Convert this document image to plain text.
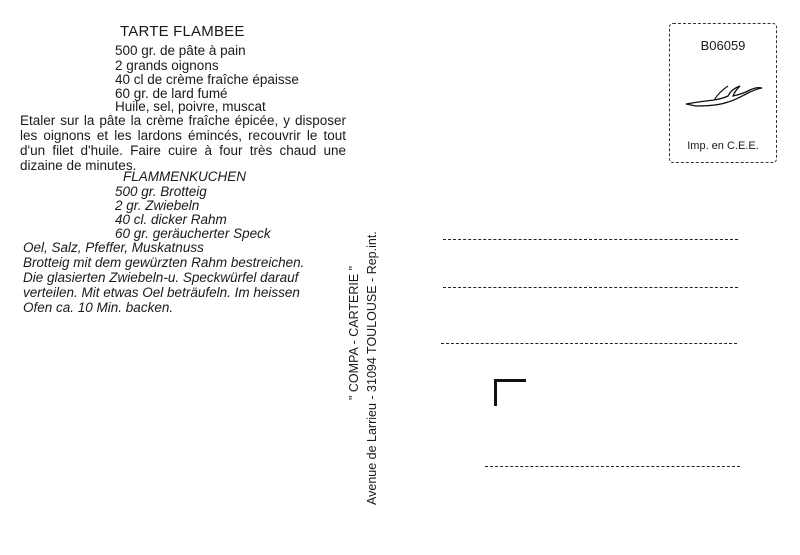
TARTE FLAMBEE
500 gr. de pâte à pain
2 grands oignons
40 cl de crème fraîche épaisse
60 gr. de lard fumé
Huile, sel, poivre, muscat
Etaler sur la pâte la crème fraîche épicée, y disposer les oignons et les lardons émincés, recouvrir le tout d'un filet d'huile. Faire cuire à four très chaud une dizaine de minutes.
FLAMMENKUCHEN
500 gr. Brotteig
2 gr. Zwiebeln
40 cl. dicker Rahm
60 gr. geräucherter Speck
Oel, Salz, Pfeffer, Muskatnuss
Brotteig mit dem gewürzten Rahm bestreichen. Die glasierten Zwiebeln-u. Speckwürfel darauf verteilen. Mit etwas Oel beträufeln. Im heissen Ofen ca. 10 Min. backen.	" COMPA - CARTERIE " Avenue de Larrieu - 31094 TOULOUSE - Rep.int.
B06059
Imp. en C.E.E.
